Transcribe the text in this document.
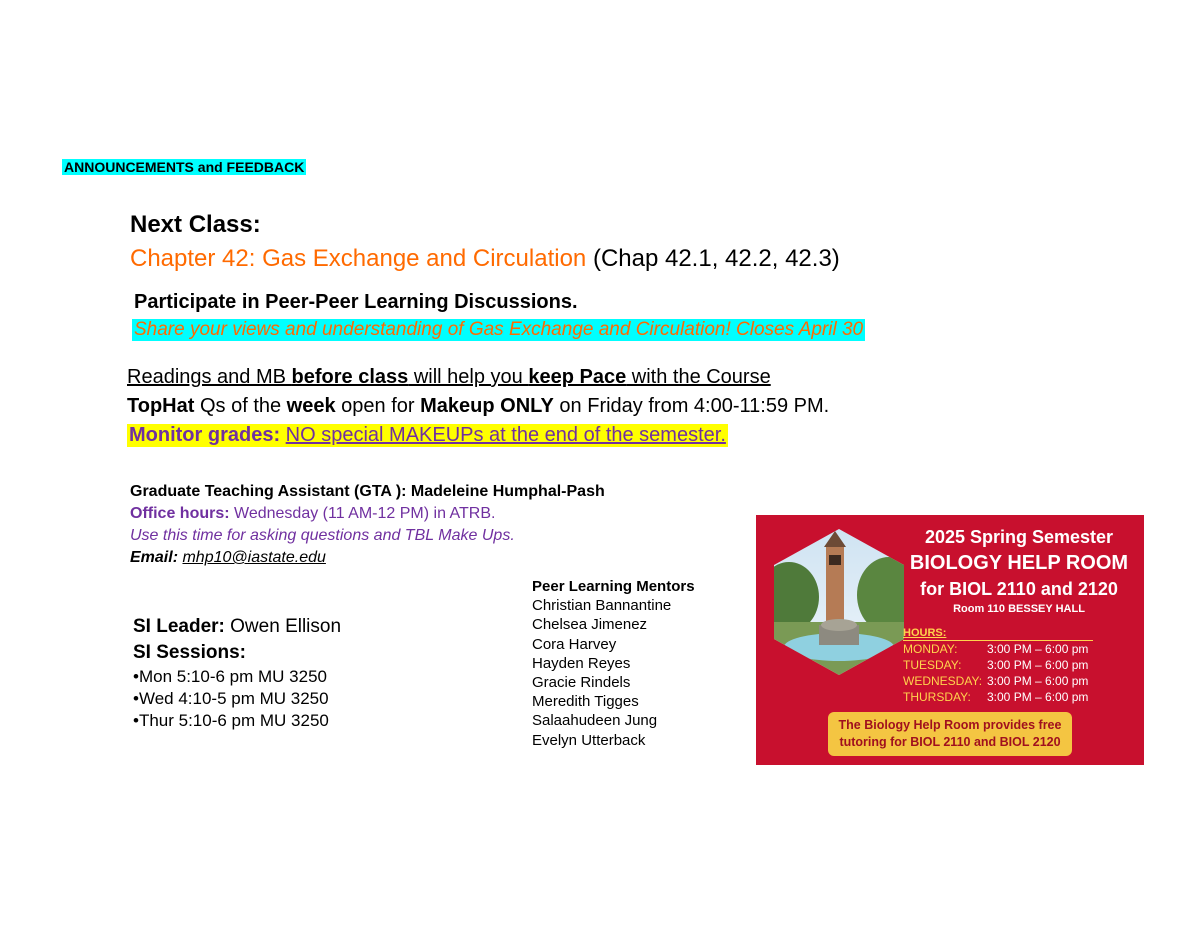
ANNOUNCEMENTS and FEEDBACK
Next Class:
Chapter 42: Gas Exchange and Circulation (Chap 42.1, 42.2, 42.3)
Participate in Peer-Peer Learning Discussions.
Share your views and understanding of Gas Exchange and Circulation! Closes April 30
Readings and MB before class will help you keep Pace with the Course
TopHat Qs of the week open for Makeup ONLY on Friday from 4:00-11:59 PM.
Monitor grades: NO special MAKEUPs at the end of the semester.
Graduate Teaching Assistant (GTA ): Madeleine Humphal-Pash
Office hours: Wednesday (11 AM-12 PM) in ATRB.
Use this time for asking questions and TBL Make Ups.
Email: mhp10@iastate.edu
Peer Learning Mentors
Christian Bannantine
Chelsea Jimenez
Cora Harvey
Hayden Reyes
Gracie Rindels
Meredith Tigges
Salaahudeen Jung
Evelyn Utterback
SI Leader: Owen Ellison
SI Sessions:
•Mon 5:10-6 pm MU 3250
•Wed 4:10-5 pm MU 3250
•Thur 5:10-6 pm MU 3250
2025 Spring Semester
BIOLOGY HELP ROOM
for BIOL 2110 and 2120
Room 110 BESSEY HALL
HOURS:
MONDAY: 3:00 PM – 6:00 pm
TUESDAY: 3:00 PM – 6:00 pm
WEDNESDAY: 3:00 PM – 6:00 pm
THURSDAY: 3:00 PM – 6:00 pm
The Biology Help Room provides free
tutoring for BIOL 2110 and BIOL 2120
